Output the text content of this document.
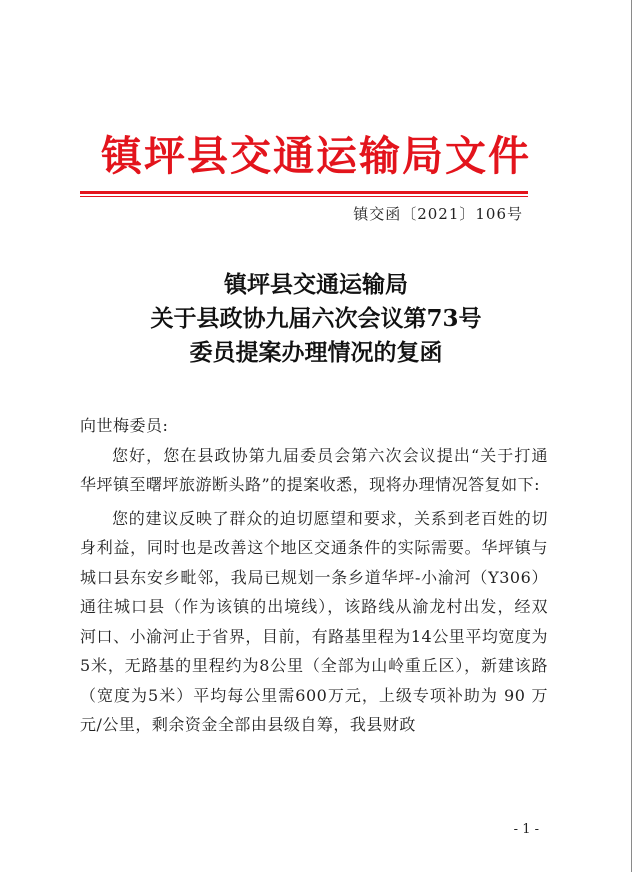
镇坪县交通运输局文件
镇交函〔2021〕106号
镇坪县交通运输局
关于县政协九届六次会议第73号
委员提案办理情况的复函

向世梅委员:

您好，您在县政协第九届委员会第六次会议提出“关于打通华坪镇至曙坪旅游断头路”的提案收悉，现将办理情况答复如下:

您的建议反映了群众的迫切愿望和要求，关系到老百姓的切身利益，同时也是改善这个地区交通条件的实际需要。华坪镇与城口县东安乡毗邻，我局已规划一条乡道华坪-小渝河（Y306）通往城口县（作为该镇的出境线），该路线从渝龙村出发，经双河口、小渝河止于省界，目前，有路基里程为14公里平均宽度为5米，无路基的里程约为8公里（全部为山岭重丘区），新建该路（宽度为5米）平均每公里需600万元，上级专项补助为 90 万元/公里，剩余资金全部由县级自筹，我县财政

- 1 -
